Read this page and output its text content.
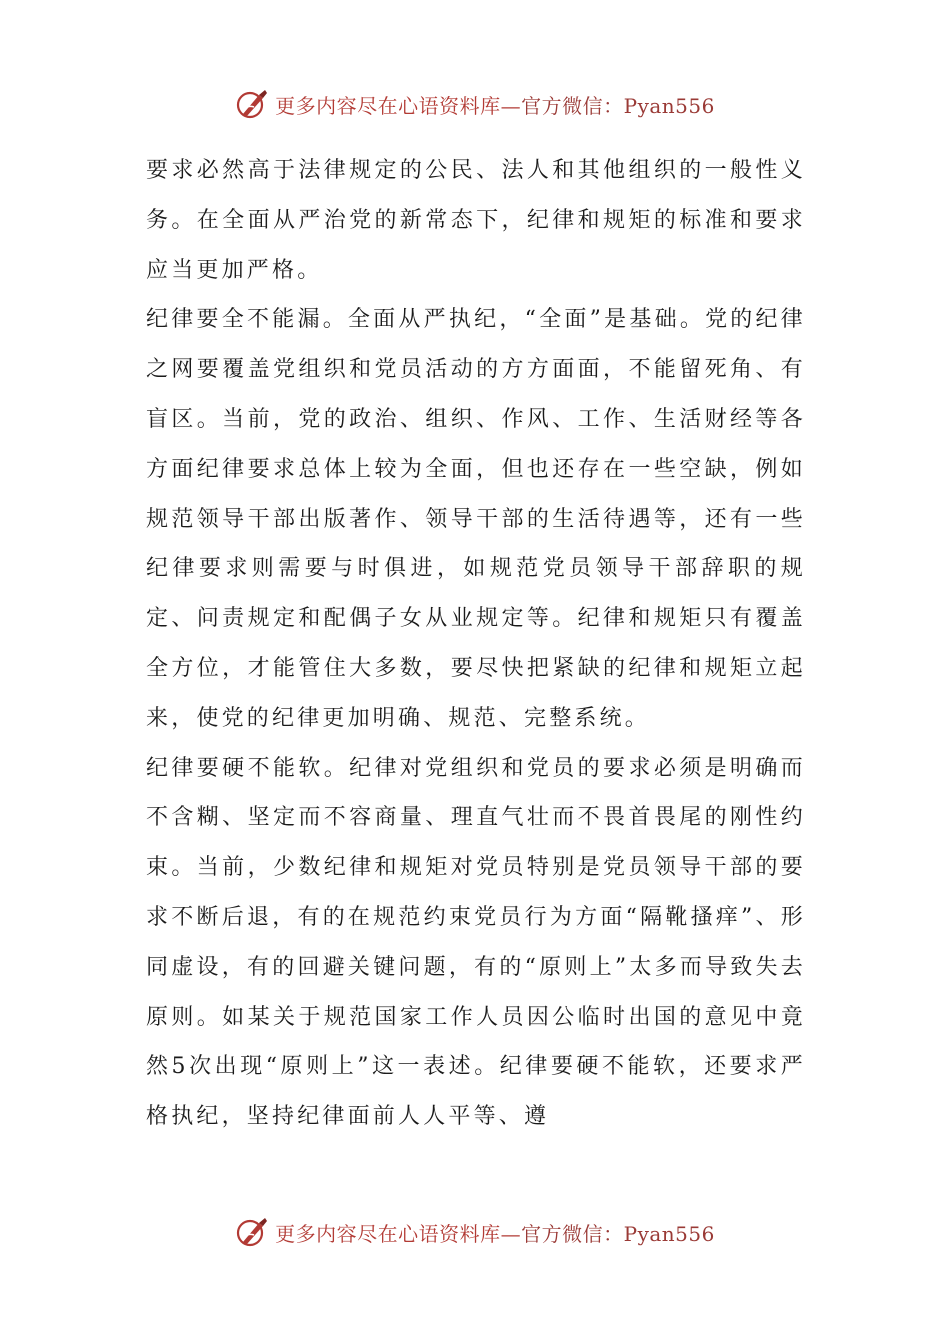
更多内容尽在心语资料库—官方微信：Pyan556

要求必然高于法律规定的公民、法人和其他组织的一般性义务。在全面从严治党的新常态下，纪律和规矩的标准和要求应当更加严格。

纪律要全不能漏。全面从严执纪，“全面”是基础。党的纪律之网要覆盖党组织和党员活动的方方面面，不能留死角、有盲区。当前，党的政治、组织、作风、工作、生活财经等各方面纪律要求总体上较为全面，但也还存在一些空缺，例如规范领导干部出版著作、领导干部的生活待遇等，还有一些纪律要求则需要与时俱进，如规范党员领导干部辞职的规定、问责规定和配偶子女从业规定等。纪律和规矩只有覆盖全方位，才能管住大多数，要尽快把紧缺的纪律和规矩立起来，使党的纪律更加明确、规范、完整系统。

纪律要硬不能软。纪律对党组织和党员的要求必须是明确而不含糊、坚定而不容商量、理直气壮而不畏首畏尾的刚性约束。当前，少数纪律和规矩对党员特别是党员领导干部的要求不断后退，有的在规范约束党员行为方面“隔靴搔痒”、形同虚设，有的回避关键问题，有的“原则上”太多而导致失去原则。如某关于规范国家工作人员因公临时出国的意见中竟然5次出现“原则上”这一表述。纪律要硬不能软，还要求严格执纪，坚持纪律面前人人平等、遵

更多内容尽在心语资料库—官方微信：Pyan556
